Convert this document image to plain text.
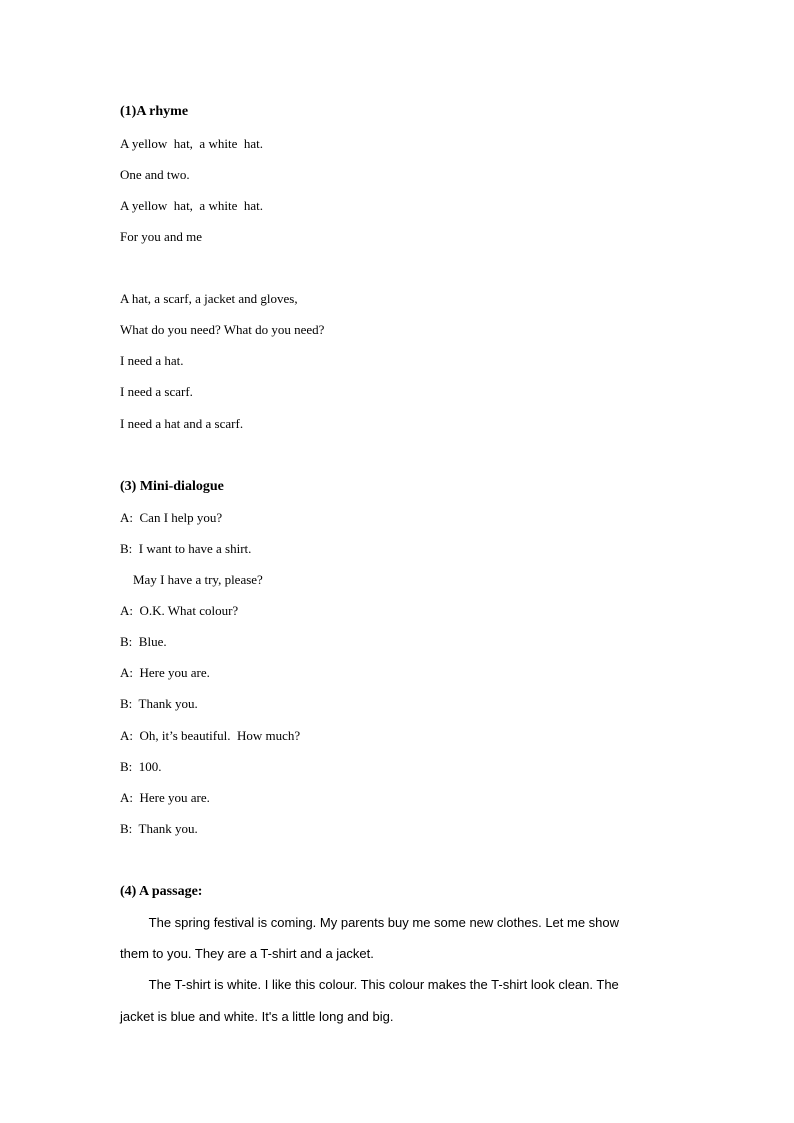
(1)A rhyme

A yellow  hat,  a white  hat.

One and two.

A yellow  hat,  a white  hat.

For you and me

A hat, a scarf, a jacket and gloves,

What do you need? What do you need?

I need a hat.

I need a scarf.

I need a hat and a scarf.

(3) Mini-dialogue

A:  Can I help you?

B:  I want to have a shirt.

May I have a try, please?

A:  O.K. What colour?

B:  Blue.

A:  Here you are.

B:  Thank you.

A:  Oh, it’s beautiful.  How much?

B:  100.

A:  Here you are.

B:  Thank you.

(4) A passage:

The spring festival is coming. My parents buy me some new clothes. Let me show

them to you. They are a T-shirt and a jacket.

The T-shirt is white. I like this colour. This colour makes the T-shirt look clean. The

jacket is blue and white. It's a little long and big.
